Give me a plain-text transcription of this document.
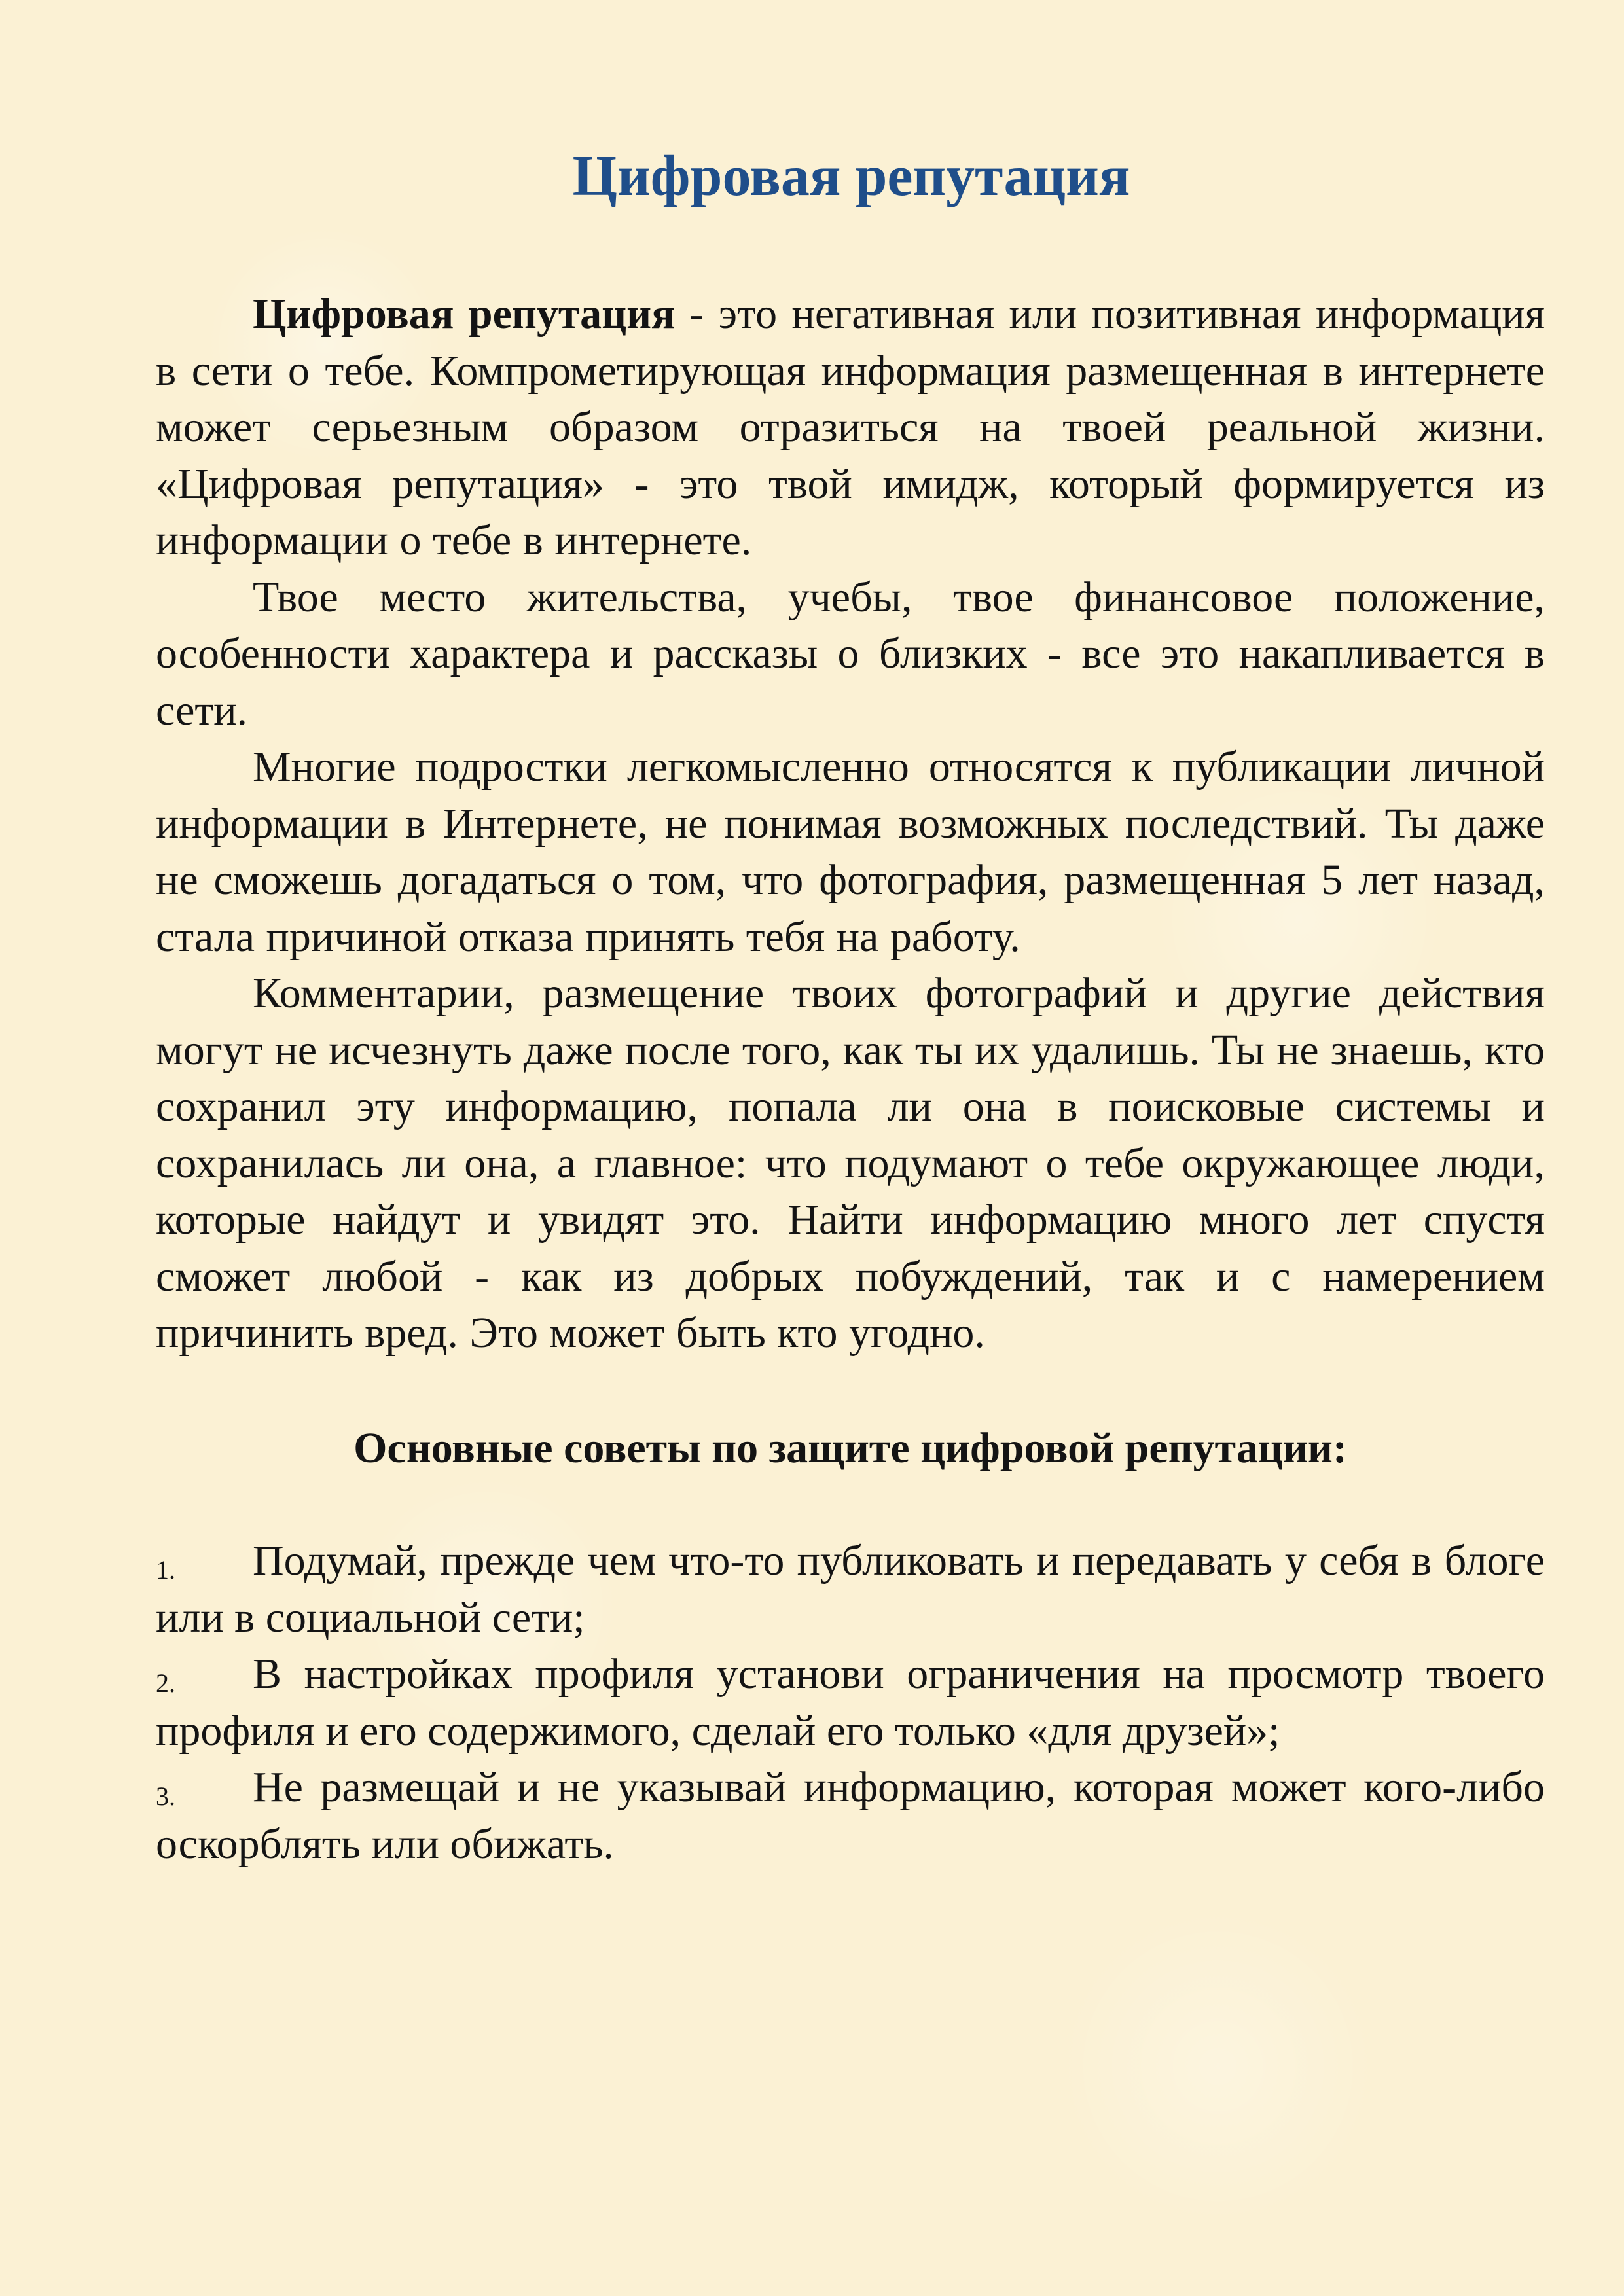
Цифровая репутация

Цифровая репутация - это негативная или позитивная информация в сети о тебе. Компрометирующая информация размещенная в интернете может серьезным образом отразиться на твоей реальной жизни. «Цифровая репутация» - это твой имидж, который формируется из информации о тебе в интернете.

Твое место жительства, учебы, твое финансовое положение, особенности характера и рассказы о близких - все это накапливается в сети.

Многие подростки легкомысленно относятся к публикации личной информации в Интернете, не понимая возможных последствий. Ты даже не сможешь догадаться о том, что фотография, размещенная 5 лет назад, стала причиной отказа принять тебя на работу.

Комментарии, размещение твоих фотографий и другие действия могут не исчезнуть даже после того, как ты их удалишь. Ты не знаешь, кто сохранил эту информацию, попала ли она в поисковые системы и сохранилась ли она, а главное: что подумают о тебе окружающее люди, которые найдут и увидят это. Найти информацию много лет спустя сможет любой - как из добрых побуждений, так и с намерением причинить вред. Это может быть кто угодно.

Основные советы по защите цифровой репутации:
1. Подумай, прежде чем что-то публиковать и передавать у себя в блоге или в социальной сети;
2. В настройках профиля установи ограничения на просмотр твоего профиля и его содержимого, сделай его только «для друзей»;
3. Не размещай и не указывай информацию, которая может кого-либо оскорблять или обижать.
